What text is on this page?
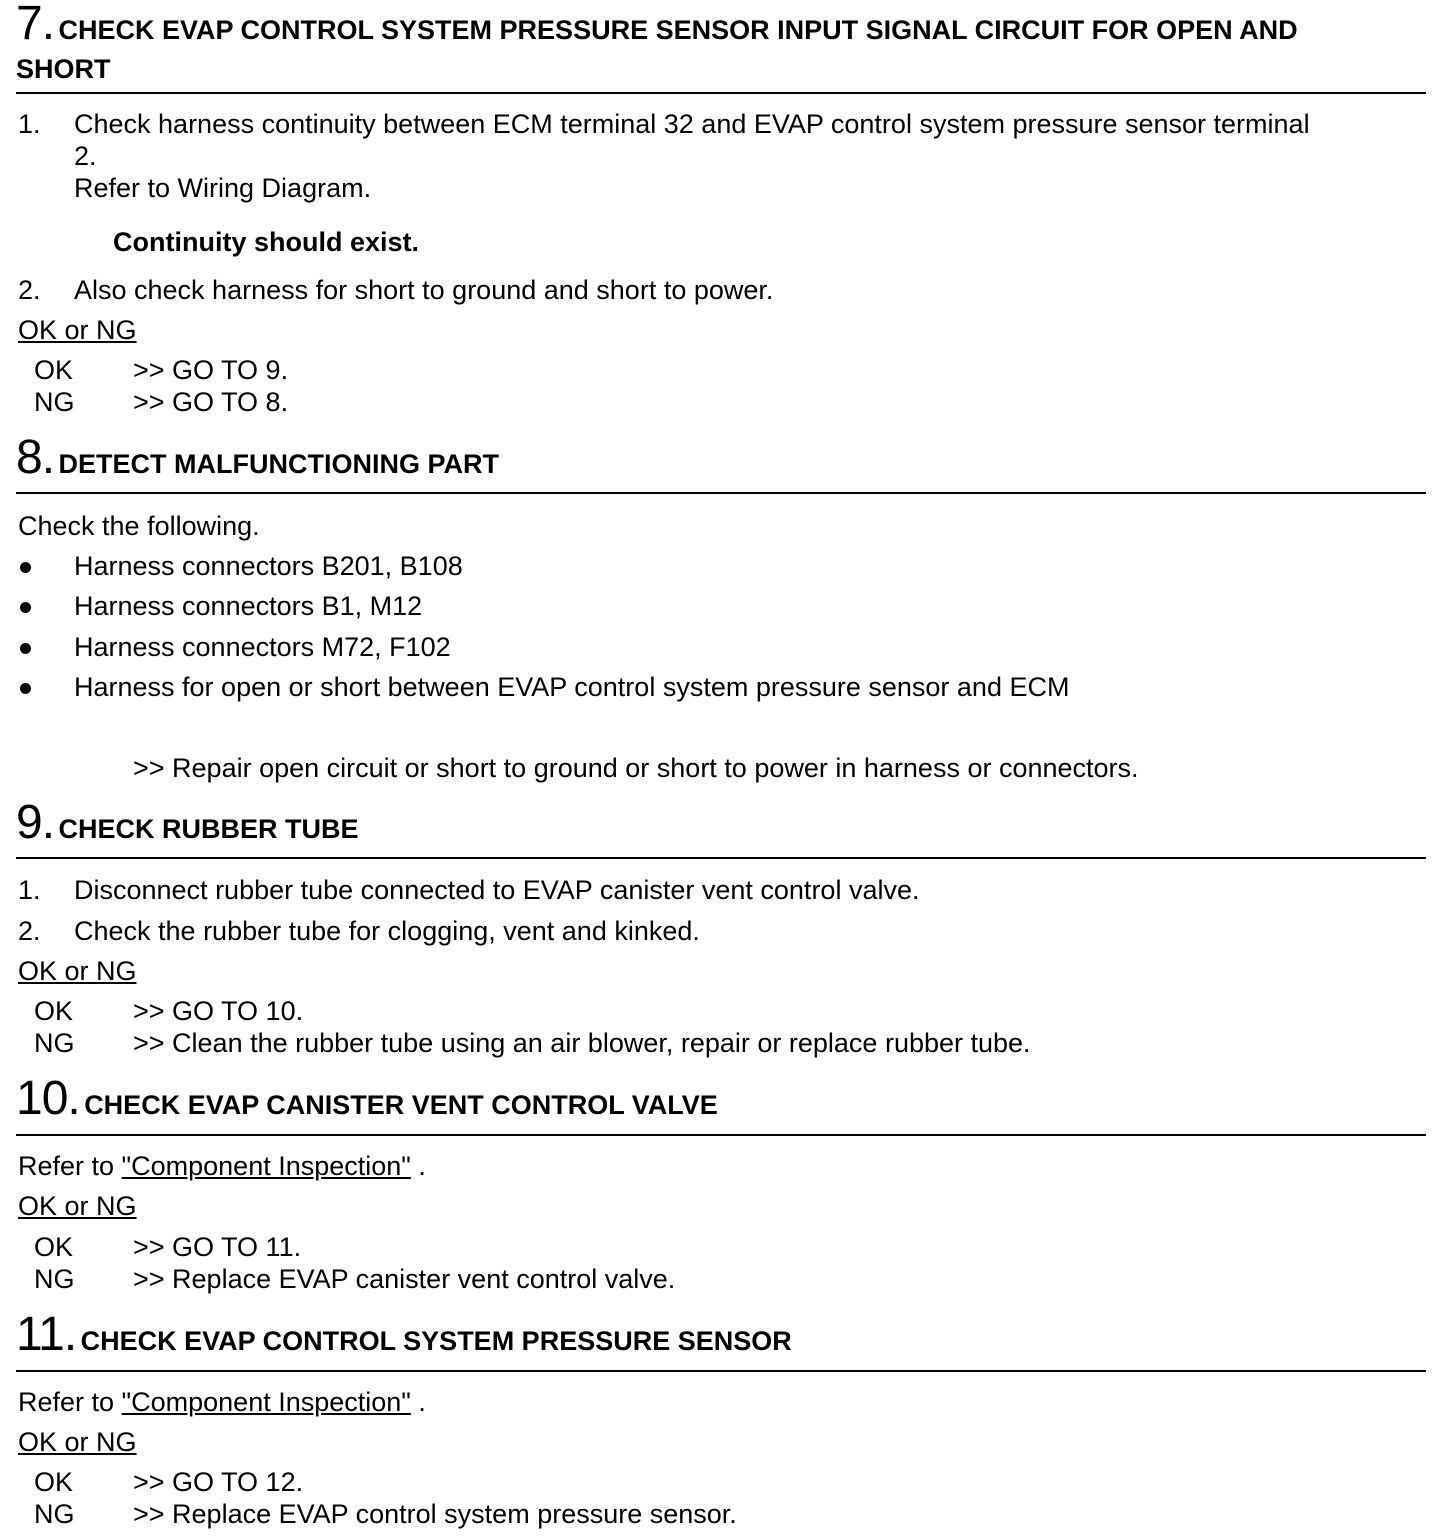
7. CHECK EVAP CONTROL SYSTEM PRESSURE SENSOR INPUT SIGNAL CIRCUIT FOR OPEN AND
SHORT
1. Check harness continuity between ECM terminal 32 and EVAP control system pressure sensor terminal
2.
Refer to Wiring Diagram.
Continuity should exist.
2. Also check harness for short to ground and short to power.
OK or NG
OK >> GO TO 9.
NG >> GO TO 8.
8. DETECT MALFUNCTIONING PART
Check the following.
Harness connectors B201, B108
Harness connectors B1, M12
Harness connectors M72, F102
Harness for open or short between EVAP control system pressure sensor and ECM
>> Repair open circuit or short to ground or short to power in harness or connectors.
9. CHECK RUBBER TUBE
1. Disconnect rubber tube connected to EVAP canister vent control valve.
2. Check the rubber tube for clogging, vent and kinked.
OK or NG
OK >> GO TO 10.
NG >> Clean the rubber tube using an air blower, repair or replace rubber tube.
10. CHECK EVAP CANISTER VENT CONTROL VALVE
Refer to "Component Inspection" .
OK or NG
OK >> GO TO 11.
NG >> Replace EVAP canister vent control valve.
11. CHECK EVAP CONTROL SYSTEM PRESSURE SENSOR
Refer to "Component Inspection" .
OK or NG
OK >> GO TO 12.
NG >> Replace EVAP control system pressure sensor.
